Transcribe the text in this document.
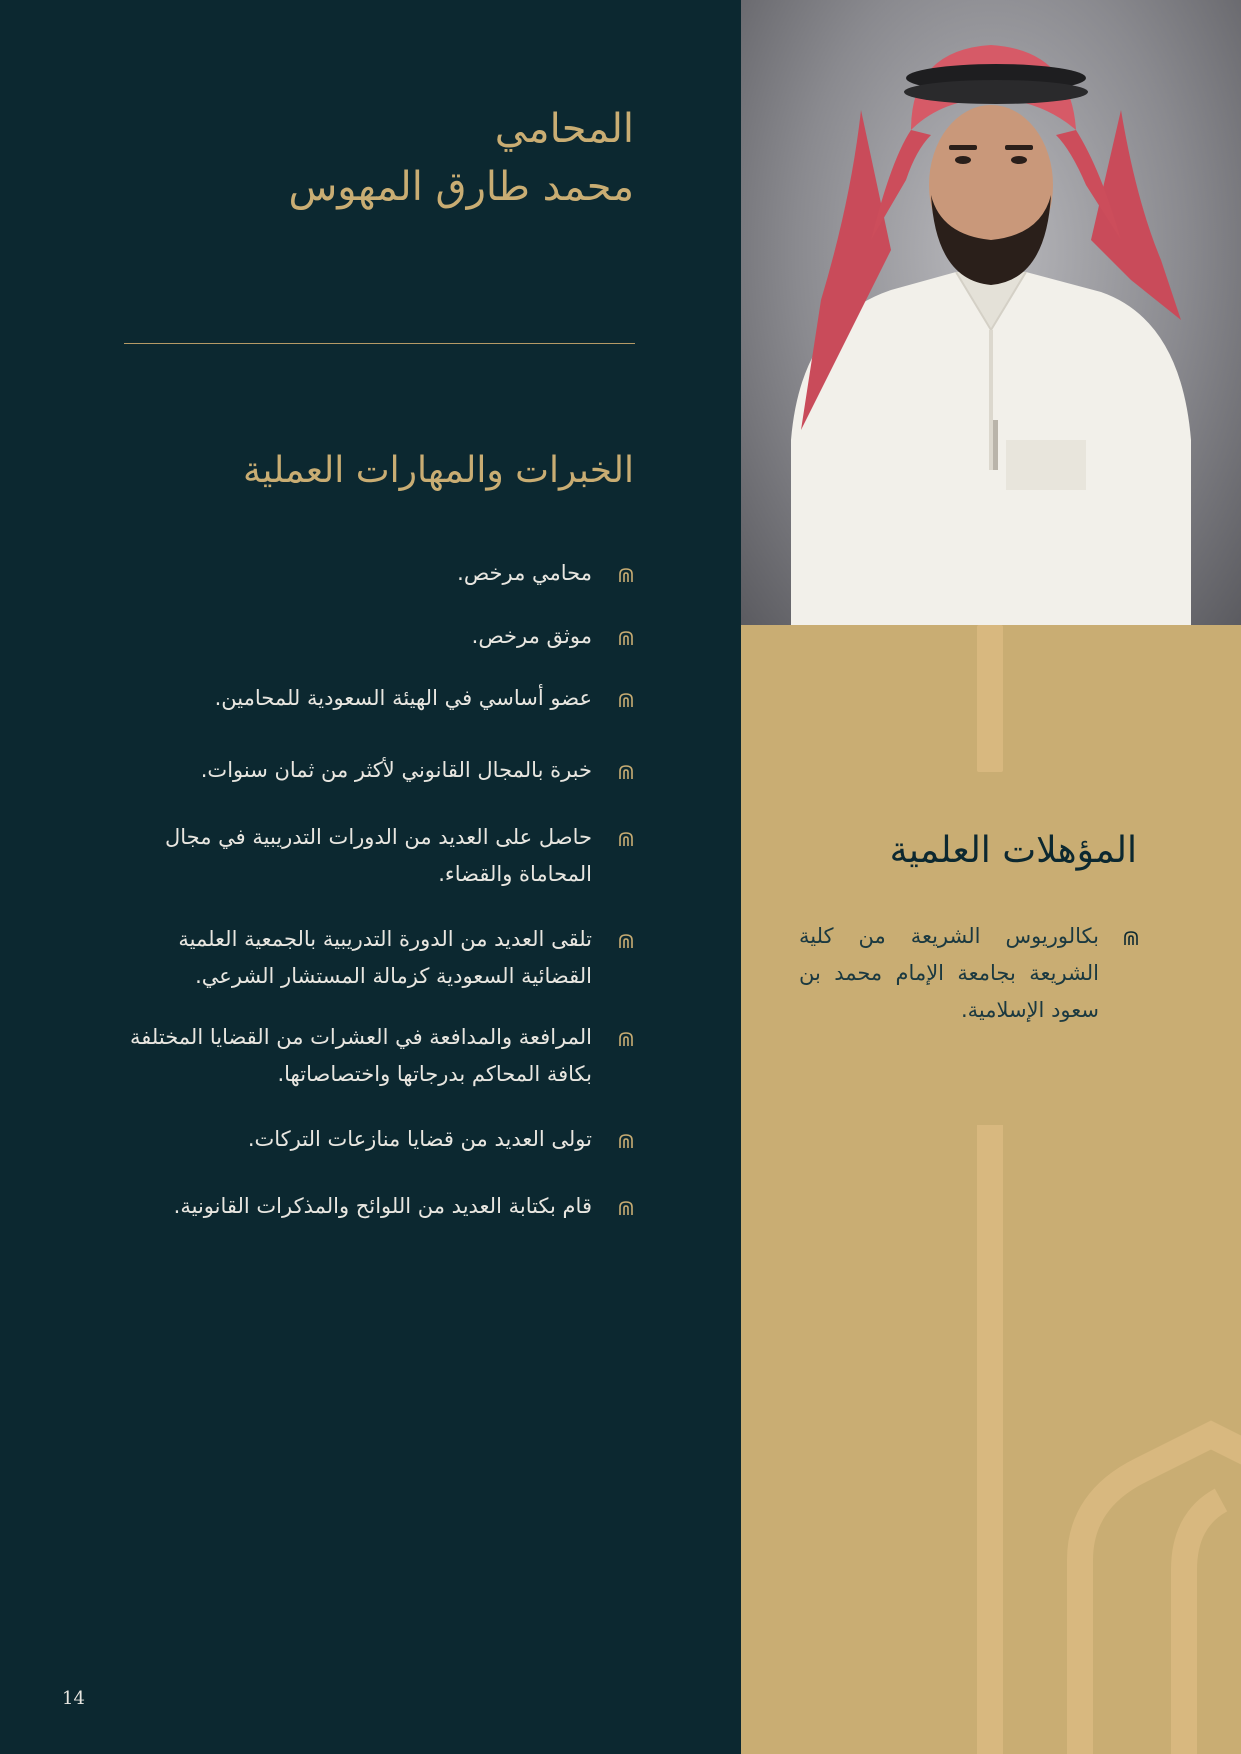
المؤهلات العلمية
بكالوريوس الشريعة من كلية الشريعة بجامعة الإمام محمد بن سعود الإسلامية.
المحامي
محمد طارق المهوس
الخبرات والمهارات العملية
محامي مرخص.
موثق مرخص.
عضو أساسي في الهيئة السعودية للمحامين.
خبرة بالمجال القانوني لأكثر من ثمان سنوات.
حاصل على العديد من الدورات التدريبية في مجال المحاماة والقضاء.
تلقى العديد من الدورة التدريبية بالجمعية العلمية القضائية السعودية كزمالة المستشار الشرعي.
المرافعة والمدافعة في العشرات من القضايا المختلفة بكافة المحاكم بدرجاتها واختصاصاتها.
تولى العديد من قضايا منازعات التركات.
قام بكتابة العديد من اللوائح والمذكرات القانونية.
14
